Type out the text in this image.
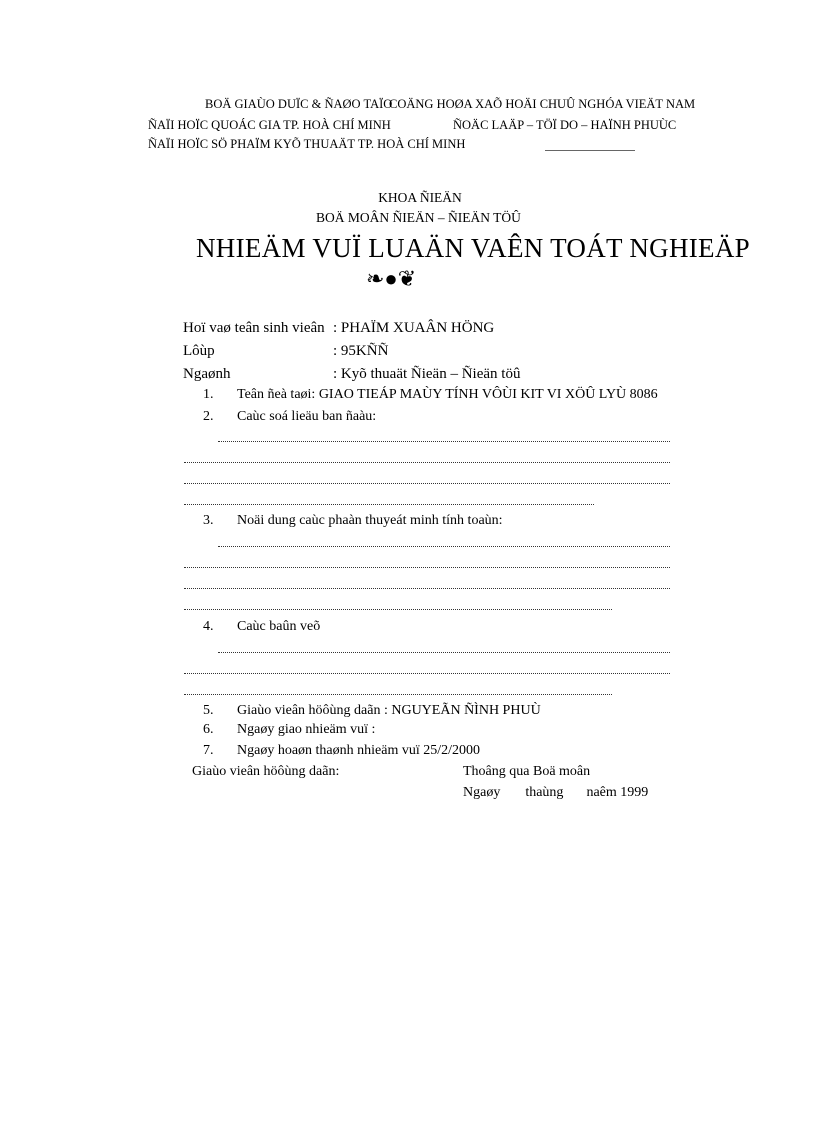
BOÄ GIAÙO DUÏC & ÑAØO TAÏO
COÄNG HOØA XAÕ HOÄI CHUÛ NGHÓA VIEÄT NAM
ÑAÏI HOÏC QUOÁC GIA TP. HOÀ CHÍ MINH	ÑOÄC LAÄP – TÖÏ DO – HAÏNH PHUÙC
ÑAÏI HOÏC SÖ PHAÏM KYÕ THUAÄT TP. HOÀ CHÍ MINH
KHOA ÑIEÄN
BOÄ MOÂN ÑIEÄN – ÑIEÄN TÖÛ
NHIEÄM VUÏ LUAÄN VAÊN TOÁT NGHIEÄP
❧●❦
Hoï vaø teân sinh vieân : PHAÏM XUAÂN HÖNG
Lôùp	: 95KÑÑ
Ngaønh	: Kyõ thuaät Ñieän – Ñieän töû
1. Teân ñeà taøi: GIAO TIEÁP MAÙY TÍNH VÔÙI KIT VI XÖÛ LYÙ 8086
2. Caùc soá lieäu ban ñaàu:
3. Noäi dung caùc phaàn thuyeát minh tính toaùn:
4. Caùc baûn veõ
5. Giaùo vieân höôùng daãn : NGUYEÃN ÑÌNH PHUÙ
6. Ngaøy giao nhieäm vuï :
7. Ngaøy hoaøn thaønh nhieäm vuï 25/2/2000
Giaùo vieân höôùng daãn:	Thoâng qua Boä moân
Ngaøy thaùng naêm 1999
